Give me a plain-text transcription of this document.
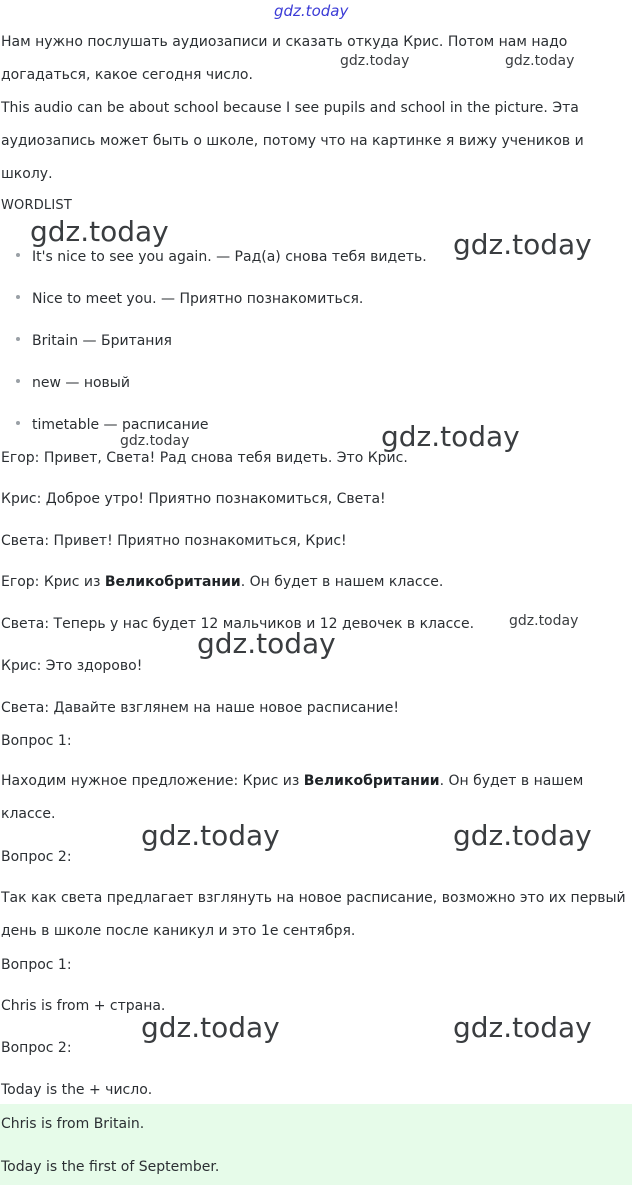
gdz.today
gdz.today	gdz.today
gdz.today	gdz.today
gdz.today	gdz.today
gdz.today
gdz.today
gdz.today	gdz.today
gdz.today	gdz.today
Нам нужно послушать аудиозаписи и сказать откуда Крис. Потом нам надо догадаться, какое сегодня число.
This audio can be about school because I see pupils and school in the picture. Эта аудиозапись может быть о школе, потому что на картинке я вижу учеников и школу.
WORDLIST
It's nice to see you again. — Рад(а) снова тебя видеть.
Nice to meet you. — Приятно познакомиться.
Britain — Британия
new — новый
timetable — расписание
Егор: Привет, Света! Рад снова тебя видеть. Это Крис.
Крис: Доброе утро! Приятно познакомиться, Света!
Света: Привет! Приятно познакомиться, Крис!
Егор: Крис из Великобритании. Он будет в нашем классе.
Света: Теперь у нас будет 12 мальчиков и 12 девочек в классе.
Крис: Это здорово!
Света: Давайте взглянем на наше новое расписание!
Вопрос 1:
Находим нужное предложение: Крис из Великобритании. Он будет в нашем классе.
Вопрос 2:
Так как света предлагает взглянуть на новое расписание, возможно это их первый день в школе после каникул и это 1е сентября.
Вопрос 1:
Chris is from + страна.
Вопрос 2:
Today is the + число.
Chris is from Britain.
Today is the first of September.
